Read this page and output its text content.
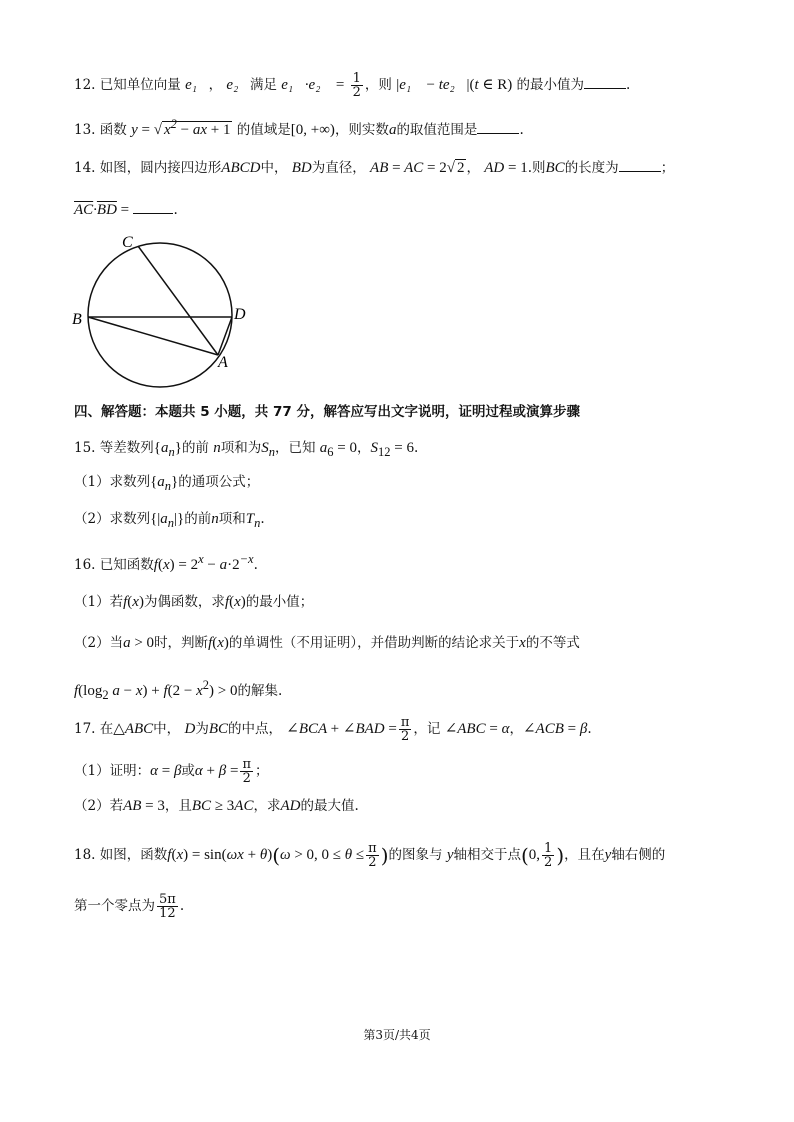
12. 已知单位向量 e₁⃗， e₂⃗满足 e₁⃗·e₂⃗ = $\frac{1}{2}$ ，则 |e₁⃗ − te₂⃗|(t ∈ R) 的最小值为	.
13. 函数 y = √ $x^2$ − ax + 1 的值域是[0, +∞)，则实数a的取值范围是	.
14. 如图，圆内接四边形ABCD中， BD为直径， AB = AC = 2√ 2 ， AD = 1.则BC的长度为	；
$\overline{AC}\cdot\overline{BD}$ =	.
C
B	D
A
四、解答题：本题共 5 小题，共 77 分，解答应写出文字说明，证明过程或演算步骤
15. 等差数列$\{a_n\}$的前 n项和为$S_n$，已知 $a_6 = 0$，$S_{12} = 6$.
（1）求数列$\{a_n\}$的通项公式；
（2）求数列$\{|a_n|\}$的前n项和$T_n$.
16. 已知函数$f(x) = 2^x - a\cdot 2^{-x}$.
（1）若f(x)为偶函数，求f(x)的最小值；
（2）当a > 0时，判断f(x)的单调性（不用证明），并借助判断的结论求关于x的不等式
$f(\log_2$ $a - x) + f(2 - x^2) > 0$的解集.
17. 在△ABC中， D为BC的中点， ∠BCA + ∠BAD = $\frac{\pi}{2}$ ，记 ∠ABC = α，∠ACB = β.
（1）证明：α = β或$\alpha + \beta = \frac{\pi}{2}$ ；
（2）若AB = 3，且BC ≥ 3AC，求AD的最大值.
18. 如图，函数f(x) = sin(ωx + θ)(ω > 0, $0 \le \theta \le \frac{\pi}{2}$ )的图象与 y轴相交于点(0, $\frac{1}{2}$ )，且在y轴右侧的
第一个零点为 $\frac{5\pi}{12}$ .
第3页/共4页
